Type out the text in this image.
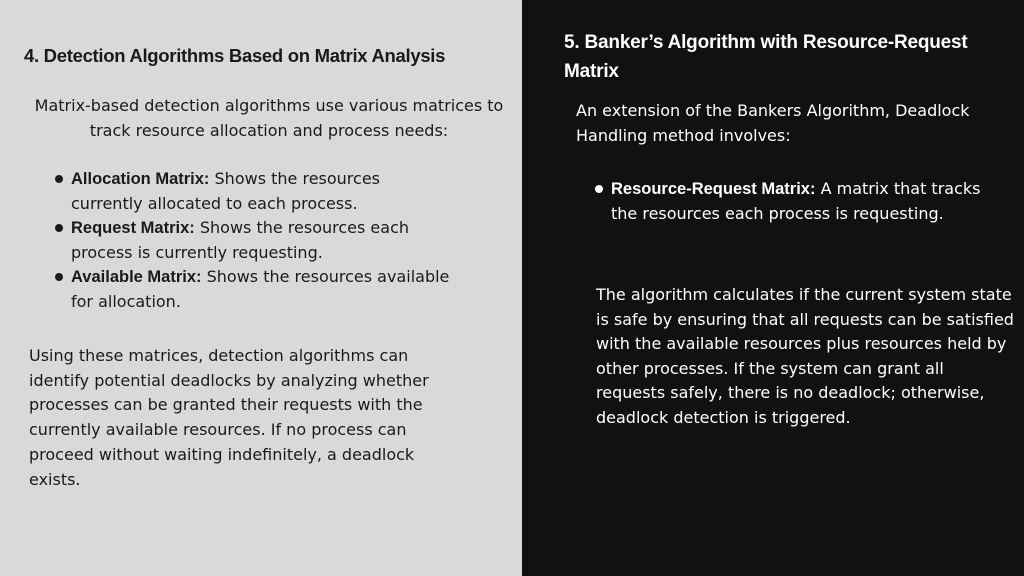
4. Detection Algorithms Based on Matrix Analysis

Matrix-based detection algorithms use various matrices to track resource allocation and process needs:

Allocation Matrix: Shows the resources currently allocated to each process.
Request Matrix: Shows the resources each process is currently requesting.
Available Matrix: Shows the resources available for allocation.

Using these matrices, detection algorithms can identify potential deadlocks by analyzing whether processes can be granted their requests with the currently available resources. If no process can proceed without waiting indefinitely, a deadlock exists.

5. Banker’s Algorithm with Resource-Request Matrix

An extension of the Bankers Algorithm, Deadlock Handling method involves:

Resource-Request Matrix: A matrix that tracks the resources each process is requesting.

The algorithm calculates if the current system state is safe by ensuring that all requests can be satisfied with the available resources plus resources held by other processes. If the system can grant all requests safely, there is no deadlock; otherwise, deadlock detection is triggered.
